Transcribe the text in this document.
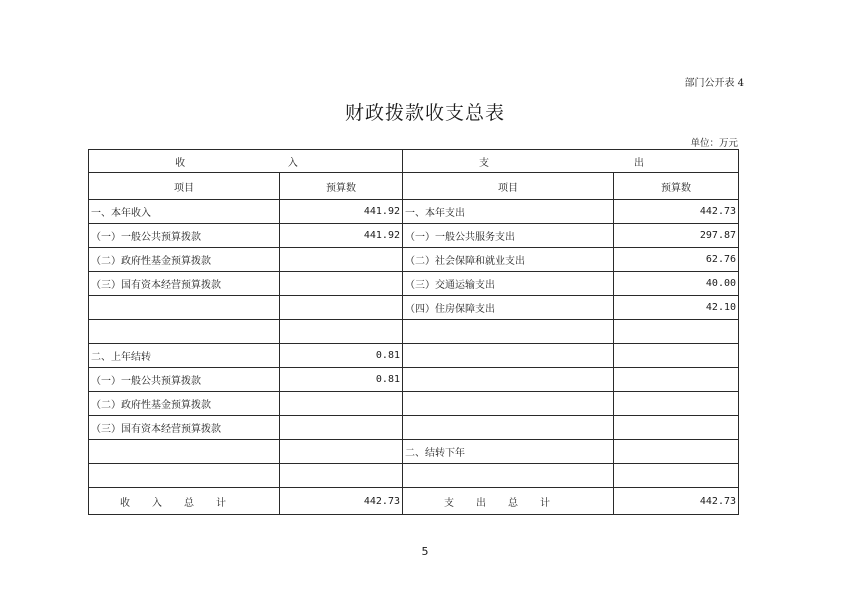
部门公开表 4
财政拨款收支总表
单位：万元
收    入		支      出	
项目	预算数	项目	预算数
一、本年收入	441.92	一、本年支出	442.73
（一）一般公共预算拨款	441.92	（一）一般公共服务支出	297.87
（二）政府性基金预算拨款		（二）社会保障和就业支出	62.76
（三）国有资本经营预算拨款		（三）交通运输支出	40.00
		（四）住房保障支出	42.10

二、上年结转	0.81		
（一）一般公共预算拨款	0.81		
（二）政府性基金预算拨款			
（三）国有资本经营预算拨款			
		二、结转下年	

收入总计	442.73	支出总计	442.73
5
